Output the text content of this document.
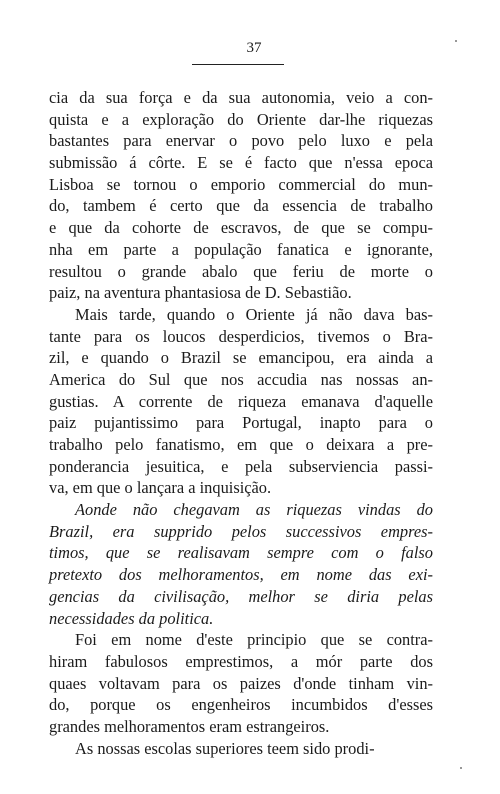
37
cia da sua força e da sua autonomia, veio a con-
quista e a exploração do Oriente dar-lhe riquezas
bastantes para enervar o povo pelo luxo e pela
submissão á côrte. E se é facto que n'essa epoca
Lisboa se tornou o emporio commercial do mun-
do, tambem é certo que da essencia de trabalho
e que da cohorte de escravos, de que se compu-
nha em parte a população fanatica e ignorante,
resultou o grande abalo que feriu de morte o
paiz, na aventura phantasiosa de D. Sebastião.
Mais tarde, quando o Oriente já não dava bas-
tante para os loucos desperdicios, tivemos o Bra-
zil, e quando o Brazil se emancipou, era ainda a
America do Sul que nos accudia nas nossas an-
gustias. A corrente de riqueza emanava d'aquelle
paiz pujantissimo para Portugal, inapto para o
trabalho pelo fanatismo, em que o deixara a pre-
ponderancia jesuitica, e pela subserviencia passi-
va, em que o lançara a inquisição.
Aonde não chegavam as riquezas vindas do
Brazil, era supprido pelos successivos empres-
timos, que se realisavam sempre com o falso
pretexto dos melhoramentos, em nome das exi-
gencias da civilisação, melhor se diria pelas
necessidades da politica.
Foi em nome d'este principio que se contra-
hiram fabulosos emprestimos, a mór parte dos
quaes voltavam para os paizes d'onde tinham vin-
do, porque os engenheiros incumbidos d'esses
grandes melhoramentos eram estrangeiros.
As nossas escolas superiores teem sido prodi-
